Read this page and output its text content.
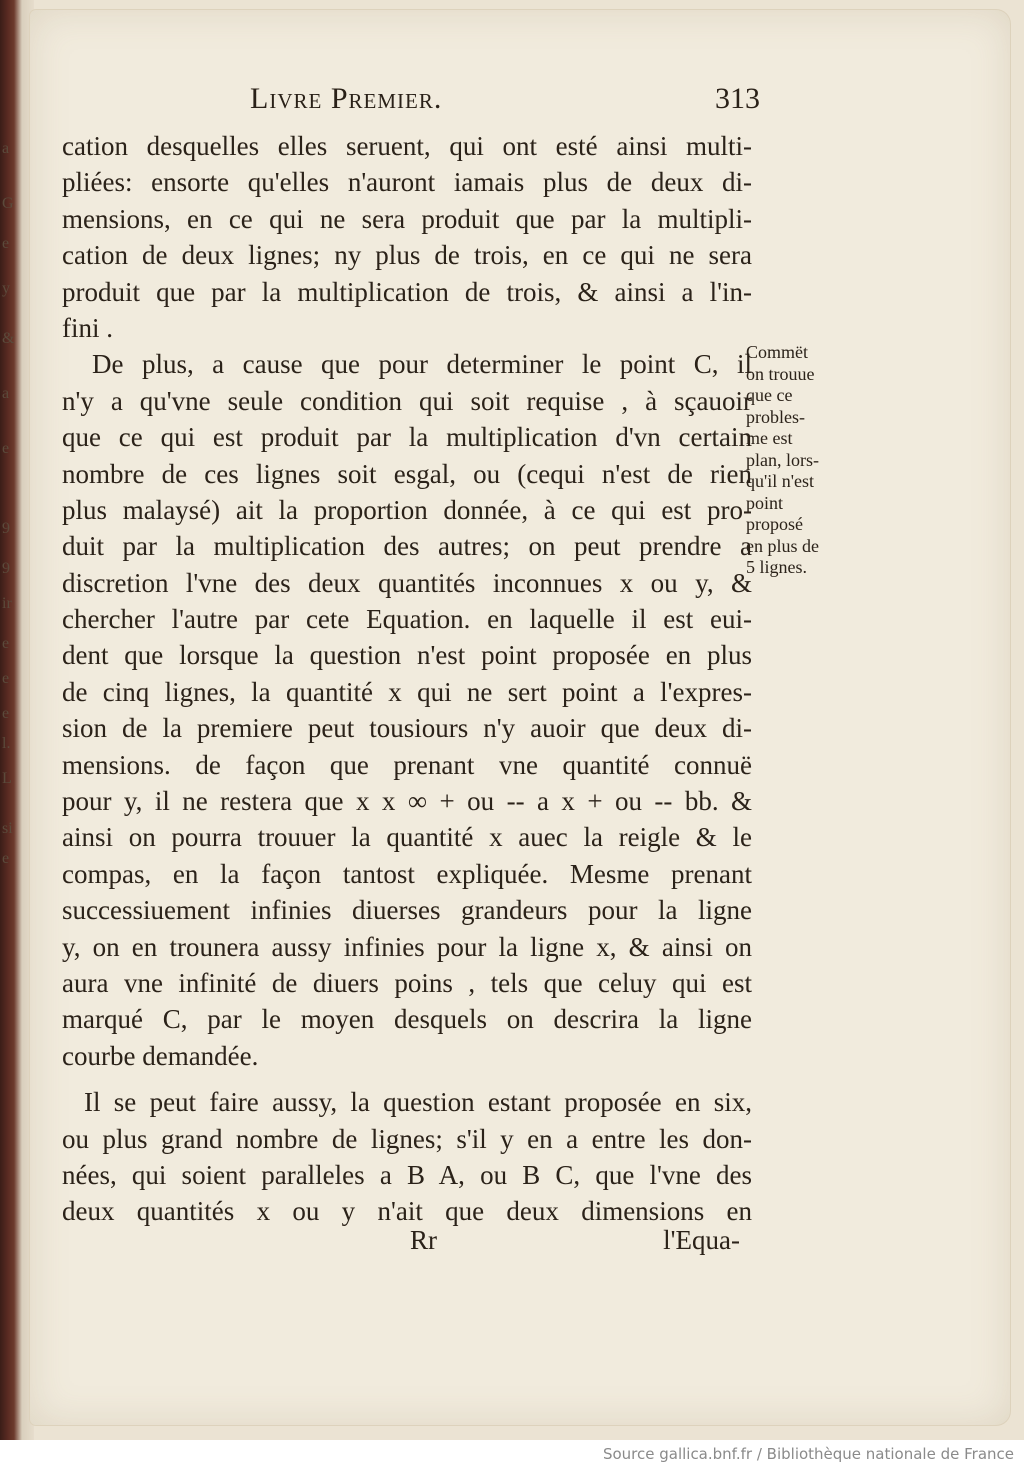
a
G
e
y
&
a
e
9
9
ir
e
e
e
l.
L
si
e
Livre Premier.	313
cation desquelles elles seruent, qui ont esté ainsi multi-
pliées: ensorte qu'elles n'auront iamais plus de deux di-
mensions, en ce qui ne sera produit que par la multipli-
cation de deux lignes; ny plus de trois, en ce qui ne sera
produit que par la multiplication de trois, & ainsi a l'in-
fini .
De plus, a cause que pour determiner le point C, il
n'y a qu'vne seule condition qui soit requise , à sçauoir
que ce qui est produit par la multiplication d'vn certain
nombre de ces lignes soit esgal, ou (cequi n'est de rien
plus malaysé) ait la proportion donnée, à ce qui est pro-
duit par la multiplication des autres; on peut prendre a
discretion l'vne des deux quantités inconnues x ou y, &
chercher l'autre par cete Equation. en laquelle il est eui-
dent que lorsque la question n'est point proposée en plus
de cinq lignes, la quantité x qui ne sert point a l'expres-
sion de la premiere peut tousiours n'y auoir que deux di-
mensions. de façon que prenant vne quantité connuë
pour y, il ne restera que x x ∞ + ou -- a x + ou -- bb. &
ainsi on pourra trouuer la quantité x auec la reigle & le
compas, en la façon tantost expliquée. Mesme prenant
successiuement infinies diuerses grandeurs pour la ligne
y, on en trounera aussy infinies pour la ligne x, & ainsi on
aura vne infinité de diuers poins , tels que celuy qui est
marqué C, par le moyen desquels on descrira la ligne
courbe demandée.
Il se peut faire aussy, la question estant proposée en six,
ou plus grand nombre de lignes; s'il y en a entre les don-
nées, qui soient paralleles a B A, ou B C, que l'vne des
deux quantités x ou y n'ait que deux dimensions en
Rr	l'Equa-
Commët
on trouue
que ce
probles-
me est
plan, lors-
qu'il n'est
point
proposé
en plus de
5 lignes.
Source gallica.bnf.fr / Bibliothèque nationale de France
